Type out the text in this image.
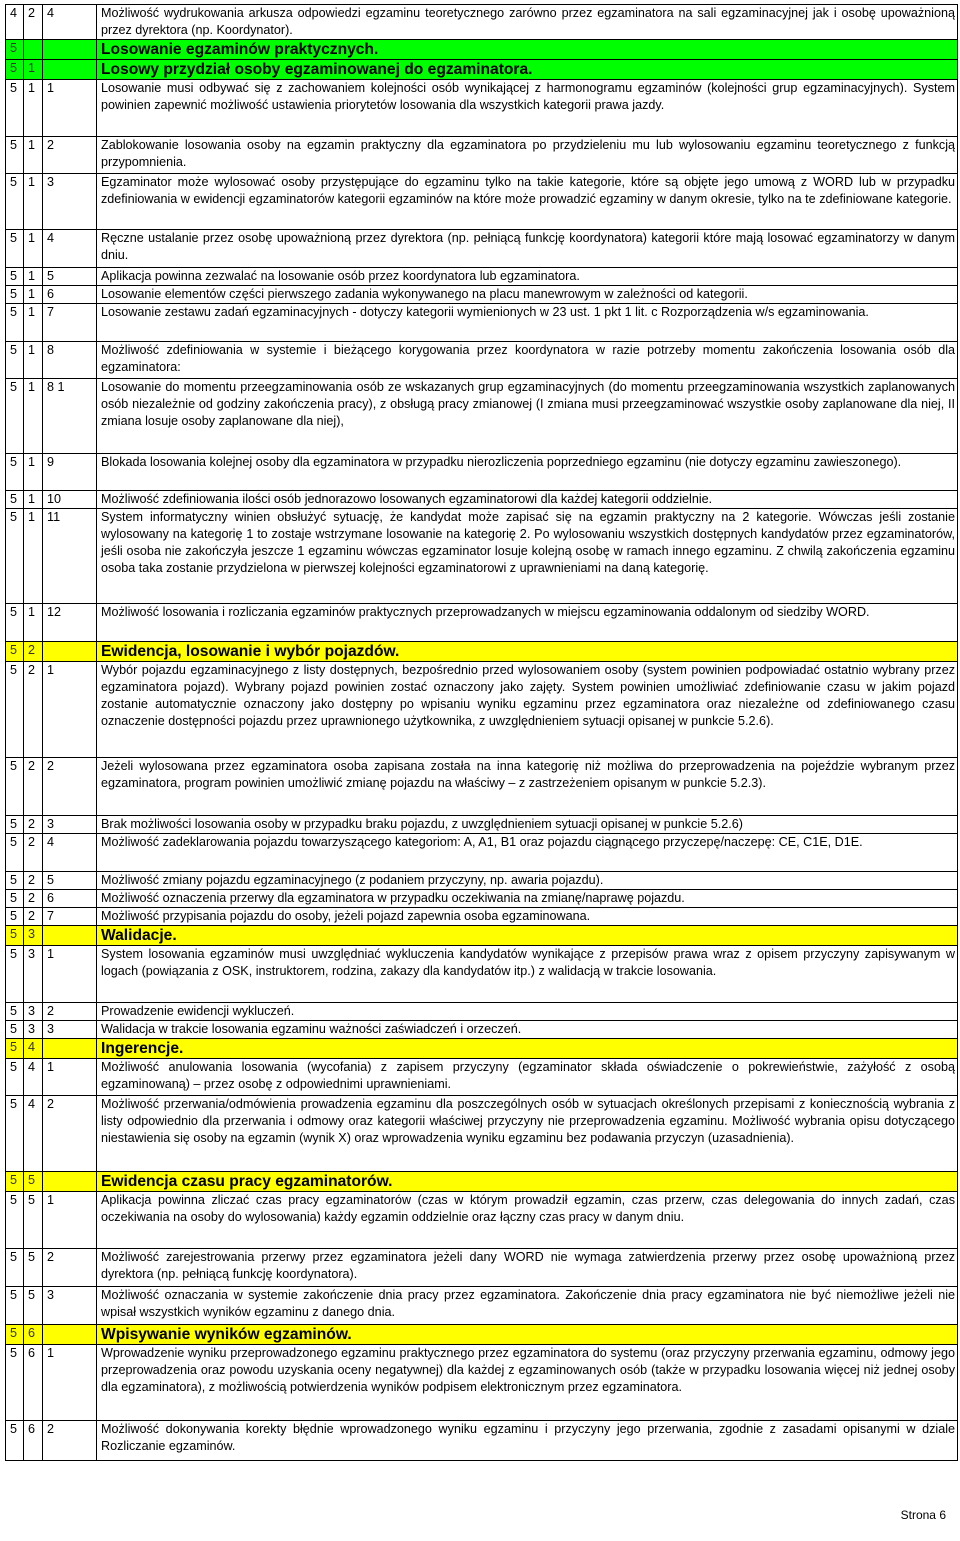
4	2	4	Możliwość wydrukowania arkusza odpowiedzi egzaminu teoretycznego zarówno przez egzaminatora na sali egzaminacyjnej jak i osobę upoważnioną przez dyrektora (np. Koordynator).
5			Losowanie egzaminów praktycznych.
5	1		Losowy przydział osoby egzaminowanej do egzaminatora.
5	1	1	Losowanie musi odbywać się z zachowaniem kolejności osób wynikającej z harmonogramu egzaminów (kolejności grup egzaminacyjnych). System powinien zapewnić możliwość ustawienia priorytetów losowania dla wszystkich kategorii prawa jazdy.
5	1	2	Zablokowanie losowania osoby na egzamin praktyczny dla egzaminatora po przydzieleniu mu lub wylosowaniu egzaminu teoretycznego z funkcją przypomnienia.
5	1	3	Egzaminator może wylosować osoby przystępujące do egzaminu tylko na takie kategorie, które są objęte jego umową z WORD lub w przypadku zdefiniowania w ewidencji egzaminatorów kategorii egzaminów na które może prowadzić egzaminy w danym okresie, tylko na te zdefiniowane kategorie.
5	1	4	Ręczne ustalanie przez osobę upoważnioną przez dyrektora (np. pełniącą funkcję koordynatora) kategorii które mają losować egzaminatorzy w danym dniu.
5	1	5	Aplikacja powinna zezwalać na losowanie osób przez koordynatora lub egzaminatora.
5	1	6	Losowanie elementów części pierwszego zadania wykonywanego na placu manewrowym w zależności od kategorii.
5	1	7	Losowanie zestawu zadań egzaminacyjnych - dotyczy kategorii wymienionych w 23 ust. 1 pkt 1 lit. c Rozporządzenia w/s egzaminowania.
5	1	8	Możliwość zdefiniowania w systemie i bieżącego korygowania przez koordynatora w razie potrzeby momentu zakończenia losowania osób dla egzaminatora:
5	1	8 1	Losowanie do momentu przeegzaminowania osób ze wskazanych grup egzaminacyjnych (do momentu przeegzaminowania wszystkich zaplanowanych osób niezależnie od godziny zakończenia pracy), z obsługą pracy zmianowej (I zmiana musi przeegzaminować wszystkie osoby zaplanowane dla niej, II zmiana losuje osoby zaplanowane dla niej),
5	1	9	Blokada losowania kolejnej osoby dla egzaminatora w przypadku nierozliczenia poprzedniego egzaminu (nie dotyczy egzaminu zawieszonego).
5	1	10	Możliwość zdefiniowania ilości osób jednorazowo losowanych egzaminatorowi dla każdej kategorii oddzielnie.
5	1	11	System informatyczny winien obsłużyć sytuację, że kandydat może zapisać się na egzamin praktyczny na 2 kategorie. Wówczas jeśli zostanie wylosowany na kategorię 1 to zostaje wstrzymane losowanie na kategorię 2. Po wylosowaniu wszystkich dostępnych kandydatów przez egzaminatorów, jeśli osoba nie zakończyła jeszcze 1 egzaminu wówczas egzaminator losuje kolejną osobę w ramach innego egzaminu. Z chwilą zakończenia egzaminu osoba taka zostanie przydzielona w pierwszej kolejności egzaminatorowi z uprawnieniami na daną kategorię.
5	1	12	Możliwość losowania i rozliczania egzaminów praktycznych przeprowadzanych w miejscu egzaminowania oddalonym od siedziby WORD.
5	2		Ewidencja, losowanie i wybór pojazdów.
5	2	1	Wybór pojazdu egzaminacyjnego z listy dostępnych, bezpośrednio przed wylosowaniem osoby (system powinien podpowiadać ostatnio wybrany przez egzaminatora pojazd). Wybrany pojazd powinien zostać oznaczony jako zajęty. System powinien umożliwiać zdefiniowanie czasu w jakim pojazd zostanie automatycznie oznaczony jako dostępny po wpisaniu wyniku egzaminu przez egzaminatora oraz niezależne od zdefiniowanego czasu oznaczenie dostępności pojazdu przez uprawnionego użytkownika, z uwzględnieniem sytuacji opisanej w punkcie 5.2.6).
5	2	2	Jeżeli wylosowana przez egzaminatora osoba zapisana została na inna kategorię niż możliwa do przeprowadzenia na pojeździe wybranym przez egzaminatora, program powinien umożliwić zmianę pojazdu na właściwy – z zastrzeżeniem opisanym w punkcie 5.2.3).
5	2	3	Brak możliwości losowania osoby w przypadku braku pojazdu, z uwzględnieniem sytuacji opisanej w punkcie 5.2.6)
5	2	4	Możliwość zadeklarowania pojazdu towarzyszącego kategoriom: A, A1, B1 oraz pojazdu ciągnącego przyczepę/naczepę: CE, C1E, D1E.
5	2	5	Możliwość zmiany pojazdu egzaminacyjnego (z podaniem przyczyny, np. awaria pojazdu).
5	2	6	Możliwość oznaczenia przerwy dla egzaminatora w przypadku oczekiwania na zmianę/naprawę pojazdu.
5	2	7	Możliwość przypisania pojazdu do osoby, jeżeli pojazd zapewnia osoba egzaminowana.
5	3		Walidacje.
5	3	1	System losowania egzaminów musi uwzględniać wykluczenia kandydatów wynikające z przepisów prawa wraz z opisem przyczyny zapisywanym w logach (powiązania z OSK, instruktorem, rodzina, zakazy dla kandydatów itp.) z walidacją w trakcie losowania.
5	3	2	Prowadzenie ewidencji wykluczeń.
5	3	3	Walidacja w trakcie losowania egzaminu ważności zaświadczeń i orzeczeń.
5	4		Ingerencje.
5	4	1	Możliwość anulowania losowania (wycofania) z zapisem przyczyny (egzaminator składa oświadczenie o pokrewieństwie, zażyłość z osobą egzaminowaną) – przez osobę z odpowiednimi uprawnieniami.
5	4	2	Możliwość przerwania/odmówienia prowadzenia egzaminu dla poszczególnych osób w sytuacjach określonych przepisami z koniecznością wybrania z listy odpowiednio dla przerwania i odmowy oraz kategorii właściwej przyczyny nie przeprowadzenia egzaminu. Możliwość wybrania opisu dotyczącego niestawienia się osoby na egzamin (wynik X) oraz wprowadzenia wyniku egzaminu bez podawania przyczyn (uzasadnienia).
5	5		Ewidencja czasu pracy egzaminatorów.
5	5	1	Aplikacja powinna zliczać czas pracy egzaminatorów (czas w którym prowadził egzamin, czas przerw, czas delegowania do innych zadań, czas oczekiwania na osoby do wylosowania) każdy egzamin oddzielnie oraz łączny czas pracy w danym dniu.
5	5	2	Możliwość zarejestrowania przerwy przez egzaminatora jeżeli dany WORD nie wymaga zatwierdzenia przerwy przez osobę upoważnioną przez dyrektora (np. pełniącą funkcję koordynatora).
5	5	3	Możliwość oznaczania w systemie zakończenie dnia pracy przez egzaminatora. Zakończenie dnia pracy egzaminatora nie być niemożliwe jeżeli nie wpisał wszystkich wyników egzaminu z danego dnia.
5	6		Wpisywanie wyników egzaminów.
5	6	1	Wprowadzenie wyniku przeprowadzonego egzaminu praktycznego przez egzaminatora do systemu (oraz przyczyny przerwania egzaminu, odmowy jego przeprowadzenia oraz powodu uzyskania oceny negatywnej) dla każdej z egzaminowanych osób (także w przypadku losowania więcej niż jednej osoby dla egzaminatora), z możliwością potwierdzenia wyników podpisem elektronicznym przez egzaminatora.
5	6	2	Możliwość dokonywania korekty błędnie wprowadzonego wyniku egzaminu i przyczyny jego przerwania, zgodnie z zasadami opisanymi w dziale Rozliczanie egzaminów.
Strona 6
